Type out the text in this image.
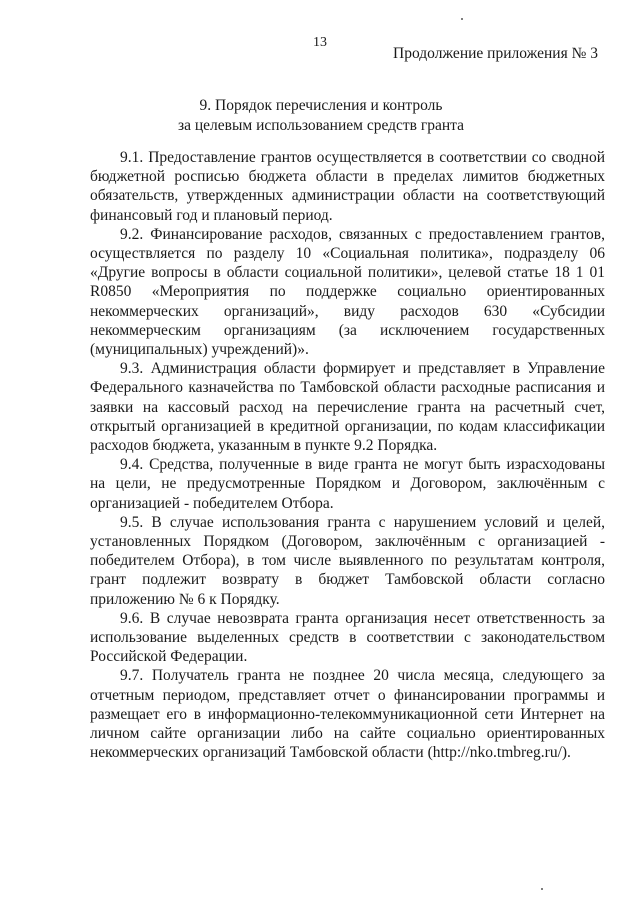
13
Продолжение приложения № 3
9. Порядок перечисления и контроль
за целевым использованием средств гранта

9.1. Предоставление грантов осуществляется в соответствии со сводной бюджетной росписью бюджета области в пределах лимитов бюджетных обязательств, утвержденных администрации области на соответствующий финансовый год и плановый период.

9.2. Финансирование расходов, связанных с предоставлением грантов, осуществляется по разделу 10 «Социальная политика», подразделу 06 «Другие вопросы в области социальной политики», целевой статье 18 1 01 R0850 «Мероприятия по поддержке социально ориентированных некоммерческих организаций», виду расходов 630 «Субсидии некоммерческим организациям (за исключением государственных (муниципальных) учреждений)».

9.3. Администрация области формирует и представляет в Управление Федерального казначейства по Тамбовской области расходные расписания и заявки на кассовый расход на перечисление гранта на расчетный счет, открытый организацией в кредитной организации, по кодам классификации расходов бюджета, указанным в пункте 9.2 Порядка.

9.4. Средства, полученные в виде гранта не могут быть израсходованы на цели, не предусмотренные Порядком и Договором, заключённым с организацией - победителем Отбора.

9.5. В случае использования гранта с нарушением условий и целей, установленных Порядком (Договором, заключённым с организацией - победителем Отбора), в том числе выявленного по результатам контроля, грант подлежит возврату в бюджет Тамбовской области согласно приложению № 6 к Порядку.

9.6. В случае невозврата гранта организация несет ответственность за использование выделенных средств в соответствии с законодательством Российской Федерации.

9.7. Получатель гранта не позднее 20 числа месяца, следующего за отчетным периодом, представляет отчет о финансировании программы и размещает его в информационно-телекоммуникационной сети Интернет на личном сайте организации либо на сайте социально ориентированных некоммерческих организаций Тамбовской области (http://nko.tmbreg.ru/).
